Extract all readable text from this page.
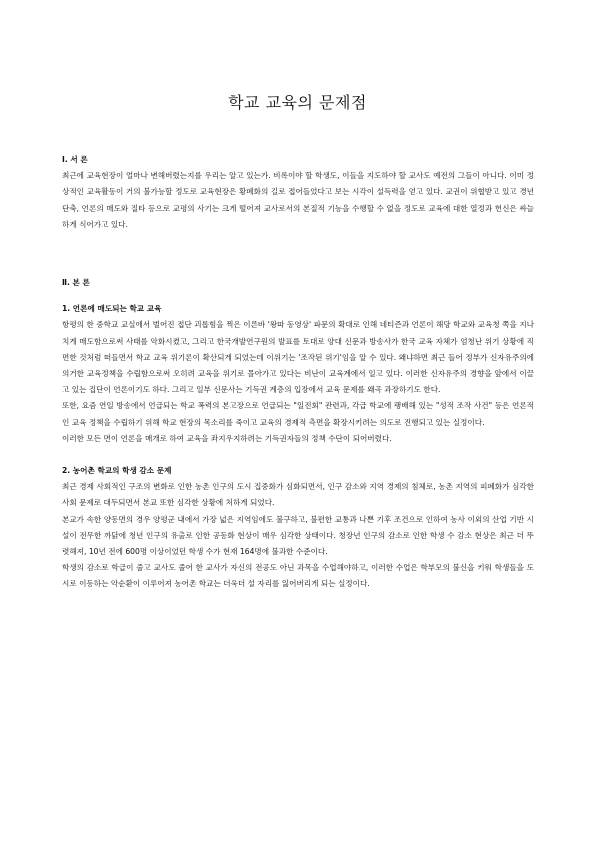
학교 교육의 문제점

Ⅰ. 서 론

최근에 교육현장이 얼마나 변해버렸는지를 우리는 알고 있는가. 비록이야 할 학생도, 이들을 지도하야 할 교사도 예전의 그들이 아니다. 이미 정상적인 교육활동이 거의 불가능할 정도로 교육현장은 황폐화의 길로 접어들었다고 보는 시각이 설득력을 얻고 있다. 교권이 위협받고 있고 경년단축, 언론의 매도와 질타 등으로 교평의 사기는 크게 떨어져 교사로서의 본질적 기능을 수행할 수 없을 정도로 교육에 대한 열정과 헌신은 싸늘하게 식어가고 있다.

Ⅱ. 본 론

1. 언론에 매도되는 학교 교육

항평의 한 중학교 교실에서 벌어진 접단 괴롭힘을 찍은 이른바 '왕따 동영상' 파문의 확대로 인해 네티즌과 언론이 해당 학교와 교육청 쪽을 지나치게 매도함으로써 사태를 악화시켰고, 그리고 한국개발연구원의 발표를 토대로 양대 신문과 방송사가 한국 교육 자체가 엄청난 위기 상황에 직면한 것처럼 떠들면서 학교 교육 위기론이 확산되게 되었는데 이위기는 '조작된 위기'임을 알 수 있다. 왜냐하면 최근 들어 정부가 신자유주의에 의거한 교육정책을 수립함으로써 오히려 교육을 위기로 몰아가고 있다는 비난이 교육계에서 일고 있다. 이러한 신자유주의 경향을 앞에서 이끌고 있는 집단이 언론이기도 하다. 그리고 일부 신문사는 기득권 계층의 입장에서 교육 문제를 왜곡 과장하기도 한다.

또한, 요즘 연일 방송에서 언급되는 학교 폭력의 본고장으로 언급되는 "일진회" 관련과, 각급 학교에 팽배해 있는 "성적 조작 사건" 등은 언론적인 교육 정책을 수립하기 위해 학교 현장의 목소리를 죽이고 교육의 경제적 측면을 확장시키려는 의도로 진행되고 있는 실정이다.

이러한 모든 면이 언론을 매개로 하여 교육을 좌지우지하려는 기득권자들의 정책 수단이 되어버렸다.

2. 농어촌 학교의 학생 감소 문제

최근 경제 사회적인 구조의 변화로 인한 농촌 인구의 도시 집중화가 심화되면서, 인구 감소와 지역 경제의 침체로, 농촌 지역의 피폐화가 심각한 사회 문제로 대두되면서 본교 또한 심각한 상황에 처하게 되었다.

본교가 속한 양동면의 경우 양평군 내에서 가장 넓은 지역임에도 불구하고, 불편한 교통과 나쁜 기후 조건으로 인하여 농사 이외의 산업 기반 시설이 전무한 까닭에 청년 인구의 유출로 인한 공동화 현상이 매우 심각한 상태이다. 청장년 인구의 감소로 인한 학생 수 감소 현상은 최근 더 뚜렷해져, 10년 전에 600명 이상이었던 학생 수가 현재 164명에 불과한 수준이다.

학생의 감소로 학급이 줄고 교사도 줄어 한 교사가 자신의 전공도 아닌 과목을 수업해야하고, 이러한 수업은 학부모의 불신을 키워 학생들을 도시로 이동하는 악순환이 이루어져 농어촌 학교는 더욱더 설 자리를 잃어버리게 되는 실정이다.
